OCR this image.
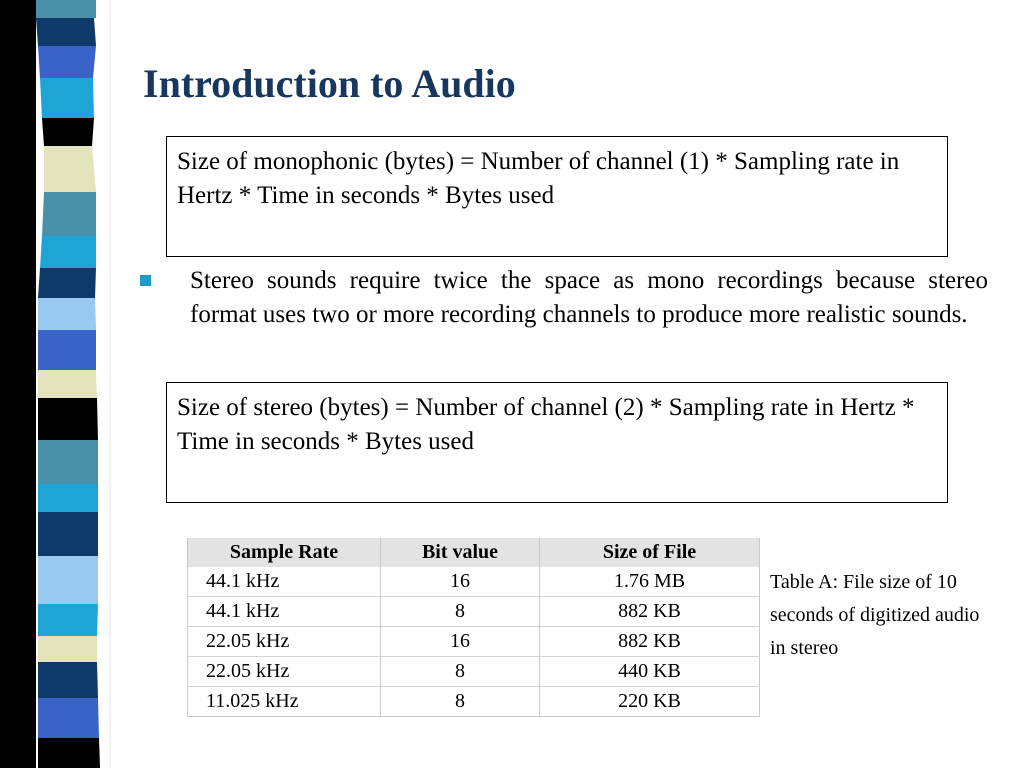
Introduction to Audio
Size of monophonic (bytes) = Number of channel (1) * Sampling rate in Hertz * Time in seconds * Bytes used
Stereo sounds require twice the space as mono recordings because stereo format uses two or more recording channels to produce more realistic sounds.
Size of stereo (bytes) = Number of channel (2) * Sampling rate in Hertz * Time in seconds * Bytes used
Sample Rate	Bit value	Size of File
44.1 kHz	16	1.76 MB
44.1 kHz	8	882 KB
22.05 kHz	16	882 KB
22.05 kHz	8	440 KB
11.025 kHz	8	220 KB
Table A: File size of 10 seconds of digitized audio in stereo
